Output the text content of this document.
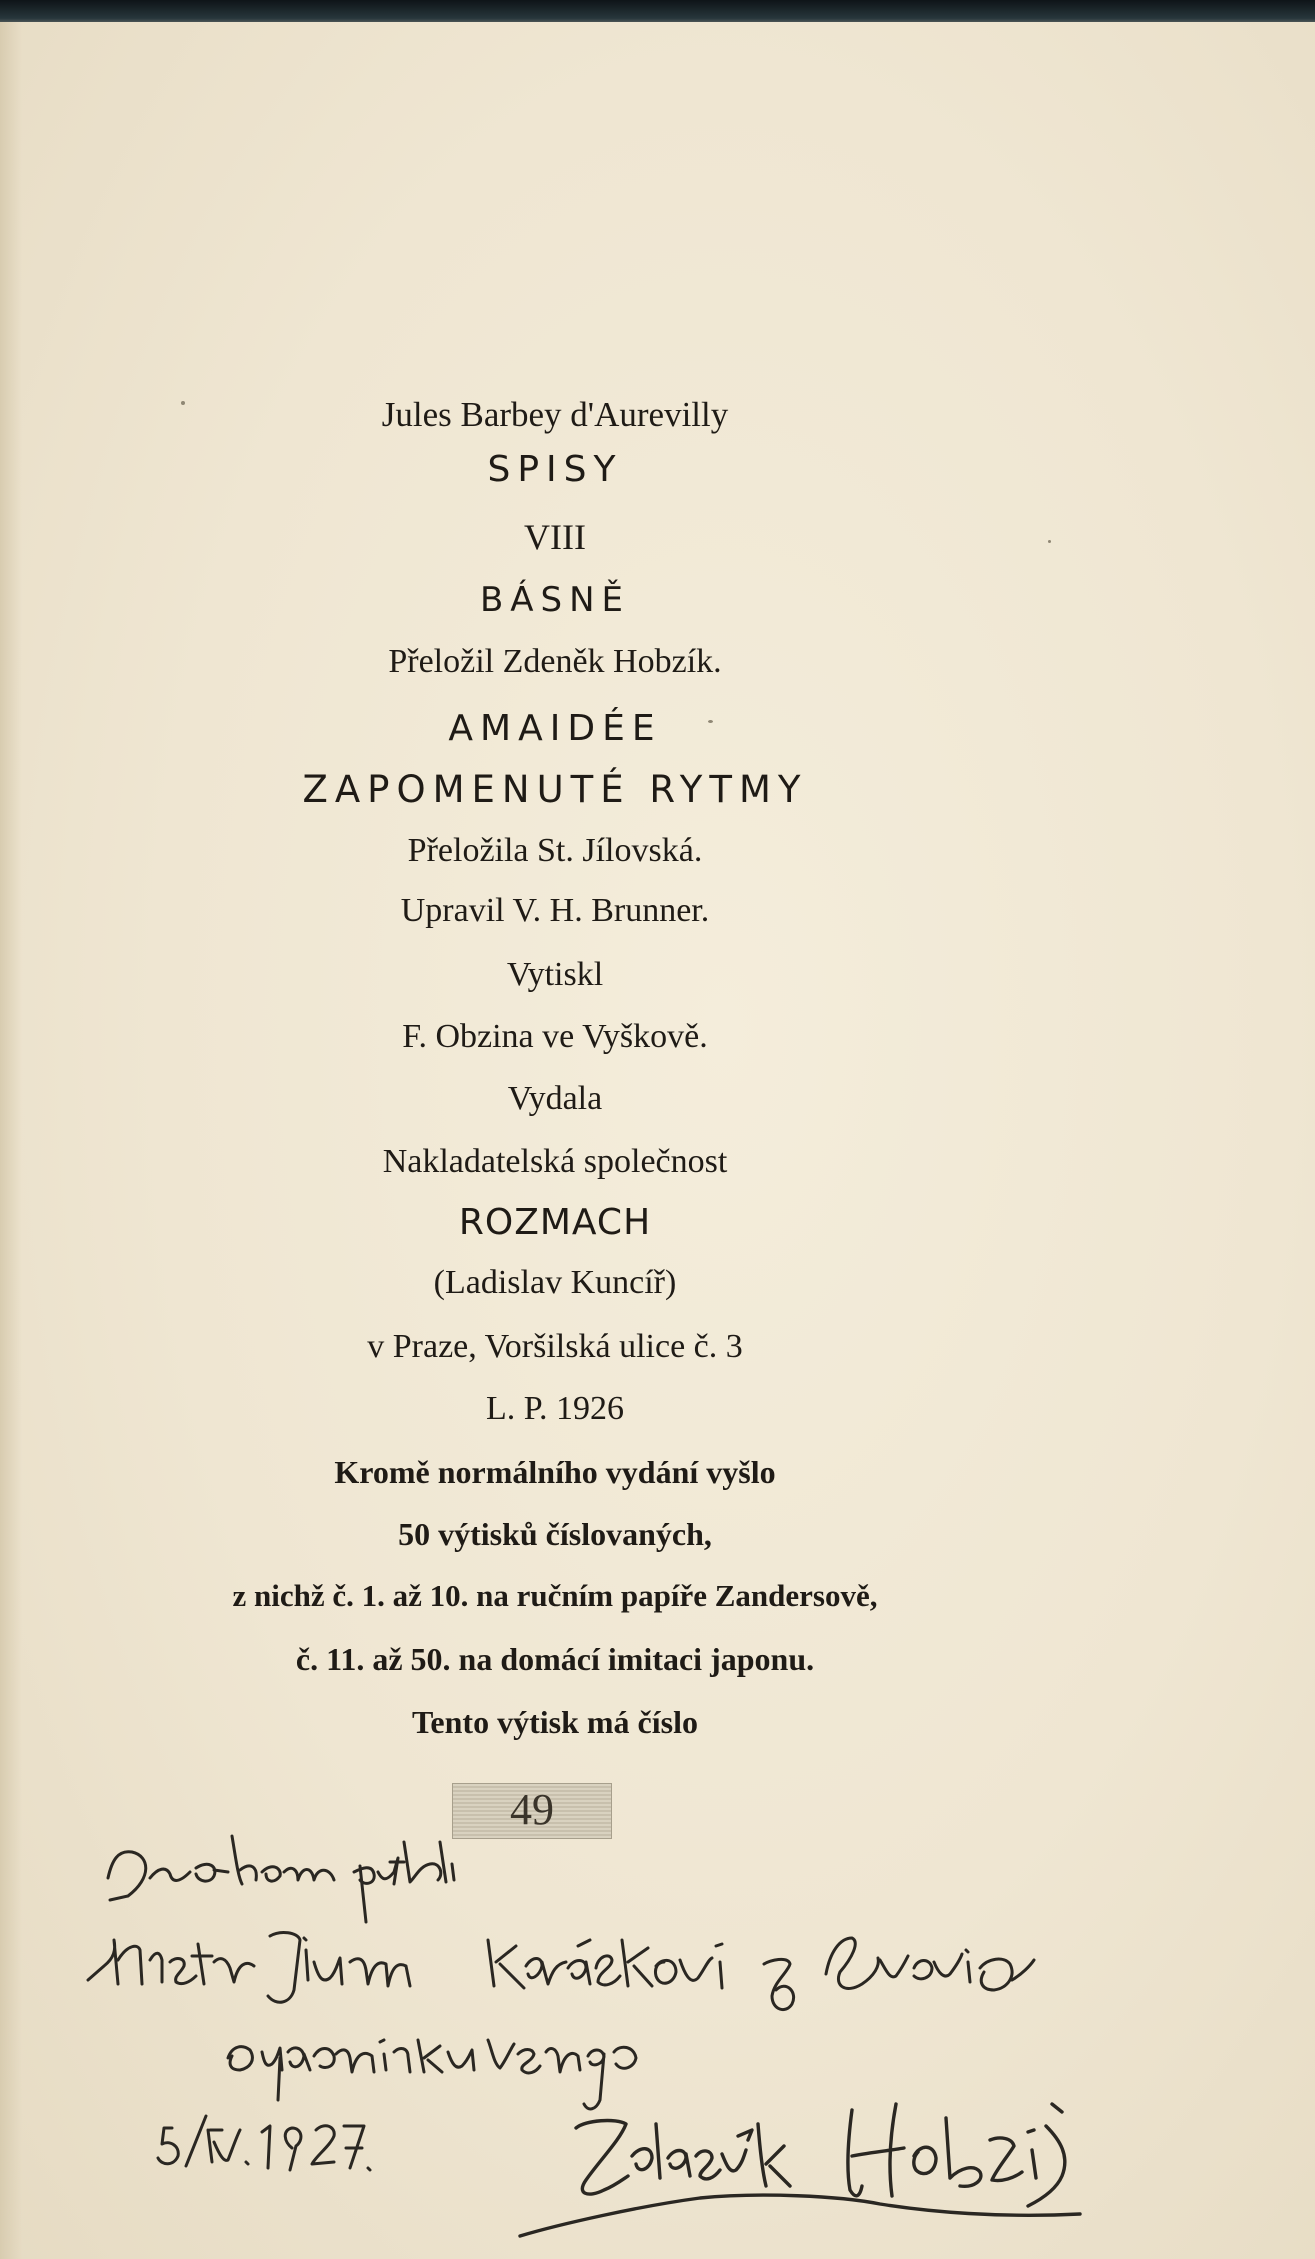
Jules Barbey d'Aurevilly
SPISY
VIII
BÁSNĚ
Přeložil Zdeněk Hobzík.
AMAIDÉE
ZAPOMENUTÉ RYTMY
Přeložila St. Jílovská.
Upravil V. H. Brunner.
Vytiskl
F. Obzina ve Vyškově.
Vydala
Nakladatelská společnost
ROZMACH
(Ladislav Kuncíř)
v Praze, Voršilská ulice č. 3
L. P. 1926
Kromě normálního vydání vyšlo
50 výtisků číslovaných,
z nichž č. 1. až 10. na ručním papíře Zandersově,
č. 11. až 50. na domácí imitaci japonu.
Tento výtisk má číslo
49
